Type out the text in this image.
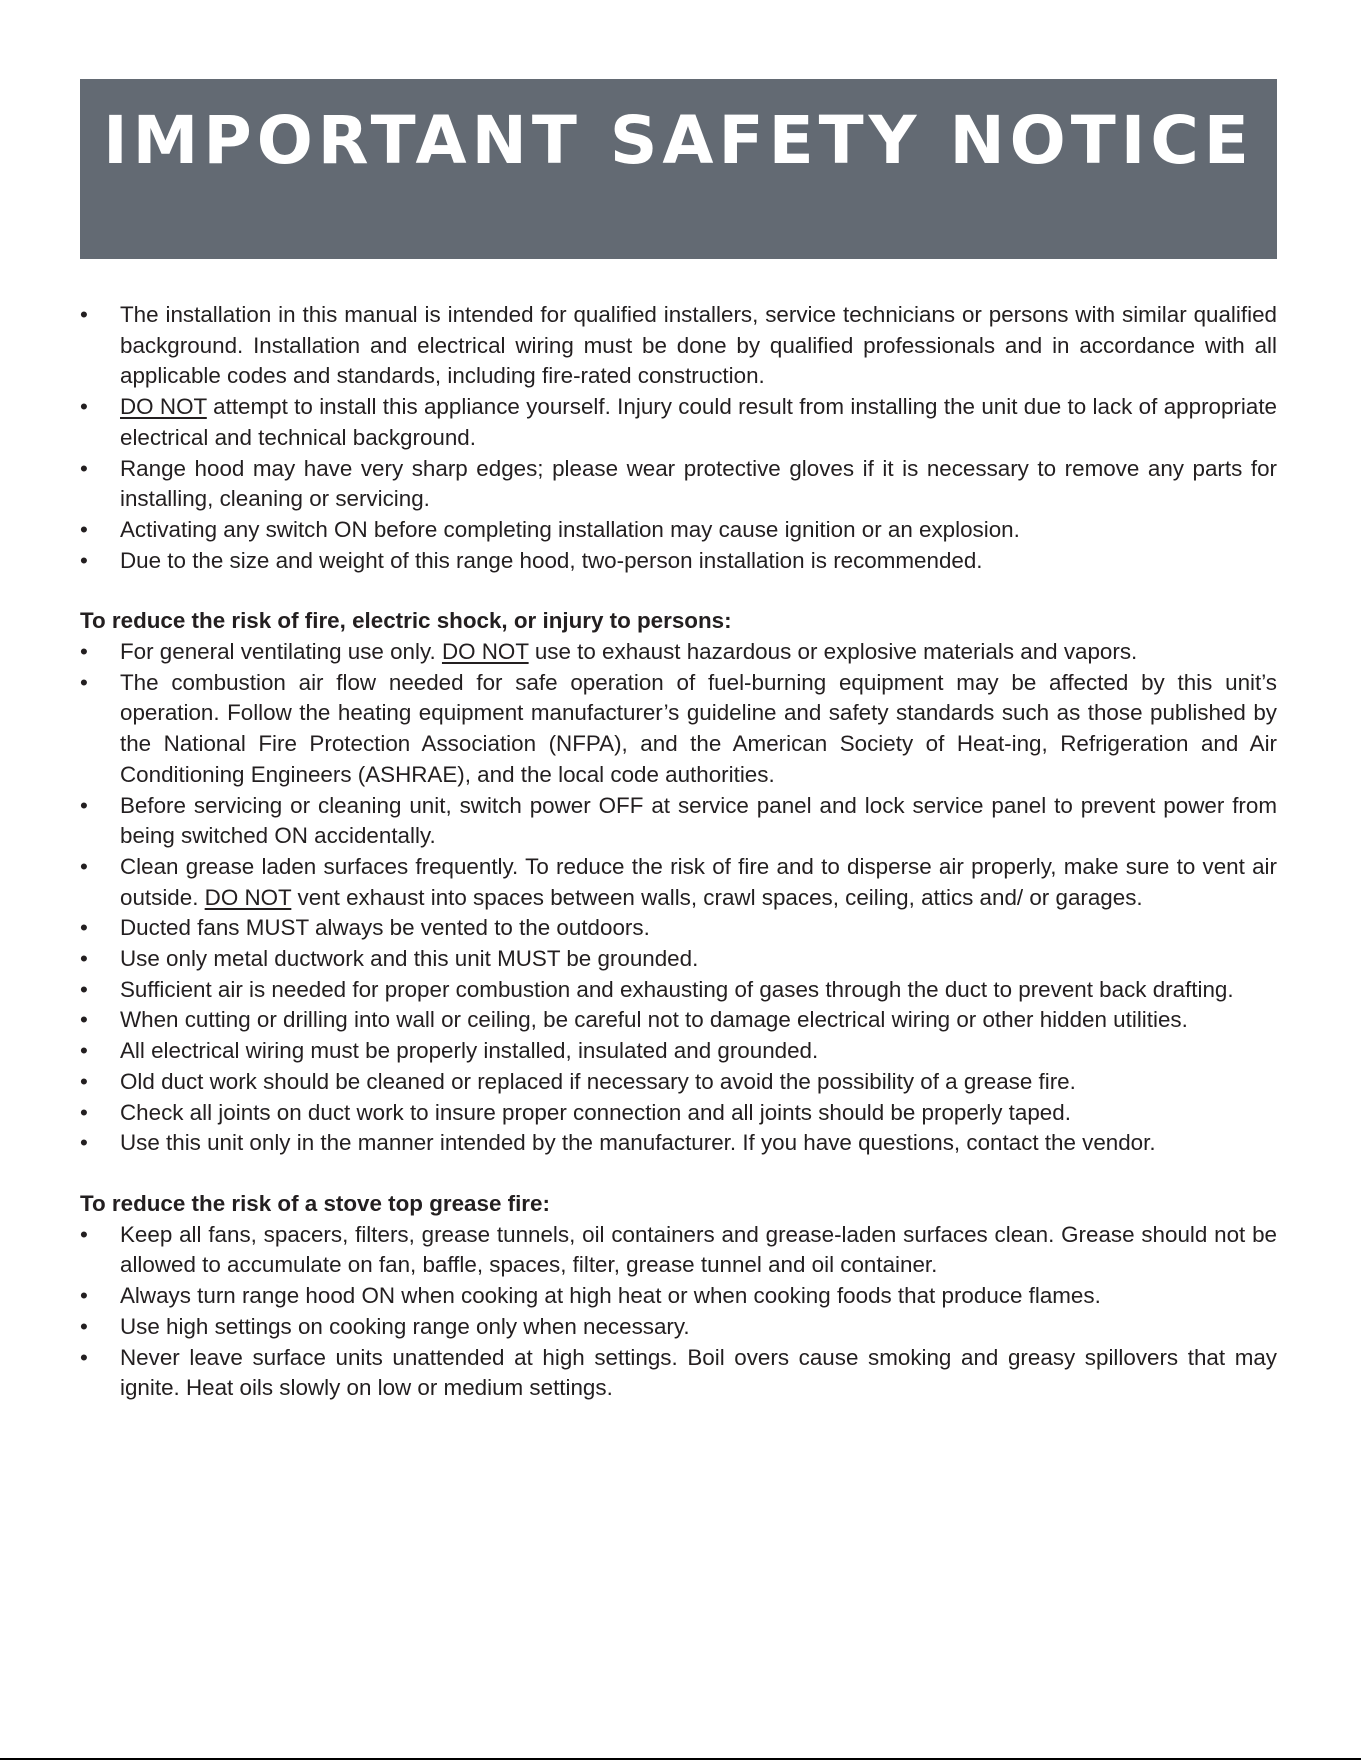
IMPORTANT SAFETY NOTICE
• The installation in this manual is intended for qualified installers, service technicians or persons with similar qualified background. Installation and electrical wiring must be done by qualified professionals and in accordance with all applicable codes and standards, including fire-rated construction.
• DO NOT attempt to install this appliance yourself. Injury could result from installing the unit due to lack of appropriate electrical and technical background.
• Range hood may have very sharp edges; please wear protective gloves if it is necessary to remove any parts for installing, cleaning or servicing.
• Activating any switch ON before completing installation may cause ignition or an explosion.
• Due to the size and weight of this range hood, two-person installation is recommended.
To reduce the risk of fire, electric shock, or injury to persons:
• For general ventilating use only. DO NOT use to exhaust hazardous or explosive materials and vapors.
• The combustion air flow needed for safe operation of fuel-burning equipment may be affected by this unit’s operation. Follow the heating equipment manufacturer’s guideline and safety standards such as those published by the National Fire Protection Association (NFPA), and the American Society of Heat-ing, Refrigeration and Air Conditioning Engineers (ASHRAE), and the local code authorities.
• Before servicing or cleaning unit, switch power OFF at service panel and lock service panel to prevent power from being switched ON accidentally.
• Clean grease laden surfaces frequently. To reduce the risk of fire and to disperse air properly, make sure to vent air outside. DO NOT vent exhaust into spaces between walls, crawl spaces, ceiling, attics and/ or garages.
• Ducted fans MUST always be vented to the outdoors.
• Use only metal ductwork and this unit MUST be grounded.
• Sufficient air is needed for proper combustion and exhausting of gases through the duct to prevent back drafting.
• When cutting or drilling into wall or ceiling, be careful not to damage electrical wiring or other hidden utilities.
• All electrical wiring must be properly installed, insulated and grounded.
• Old duct work should be cleaned or replaced if necessary to avoid the possibility of a grease fire.
• Check all joints on duct work to insure proper connection and all joints should be properly taped.
• Use this unit only in the manner intended by the manufacturer. If you have questions, contact the vendor.
To reduce the risk of a stove top grease fire:
• Keep all fans, spacers, filters, grease tunnels, oil containers and grease-laden surfaces clean. Grease should not be allowed to accumulate on fan, baffle, spaces, filter, grease tunnel and oil container.
• Always turn range hood ON when cooking at high heat or when cooking foods that produce flames.
• Use high settings on cooking range only when necessary.
• Never leave surface units unattended at high settings. Boil overs cause smoking and greasy spillovers that may ignite. Heat oils slowly on low or medium settings.
